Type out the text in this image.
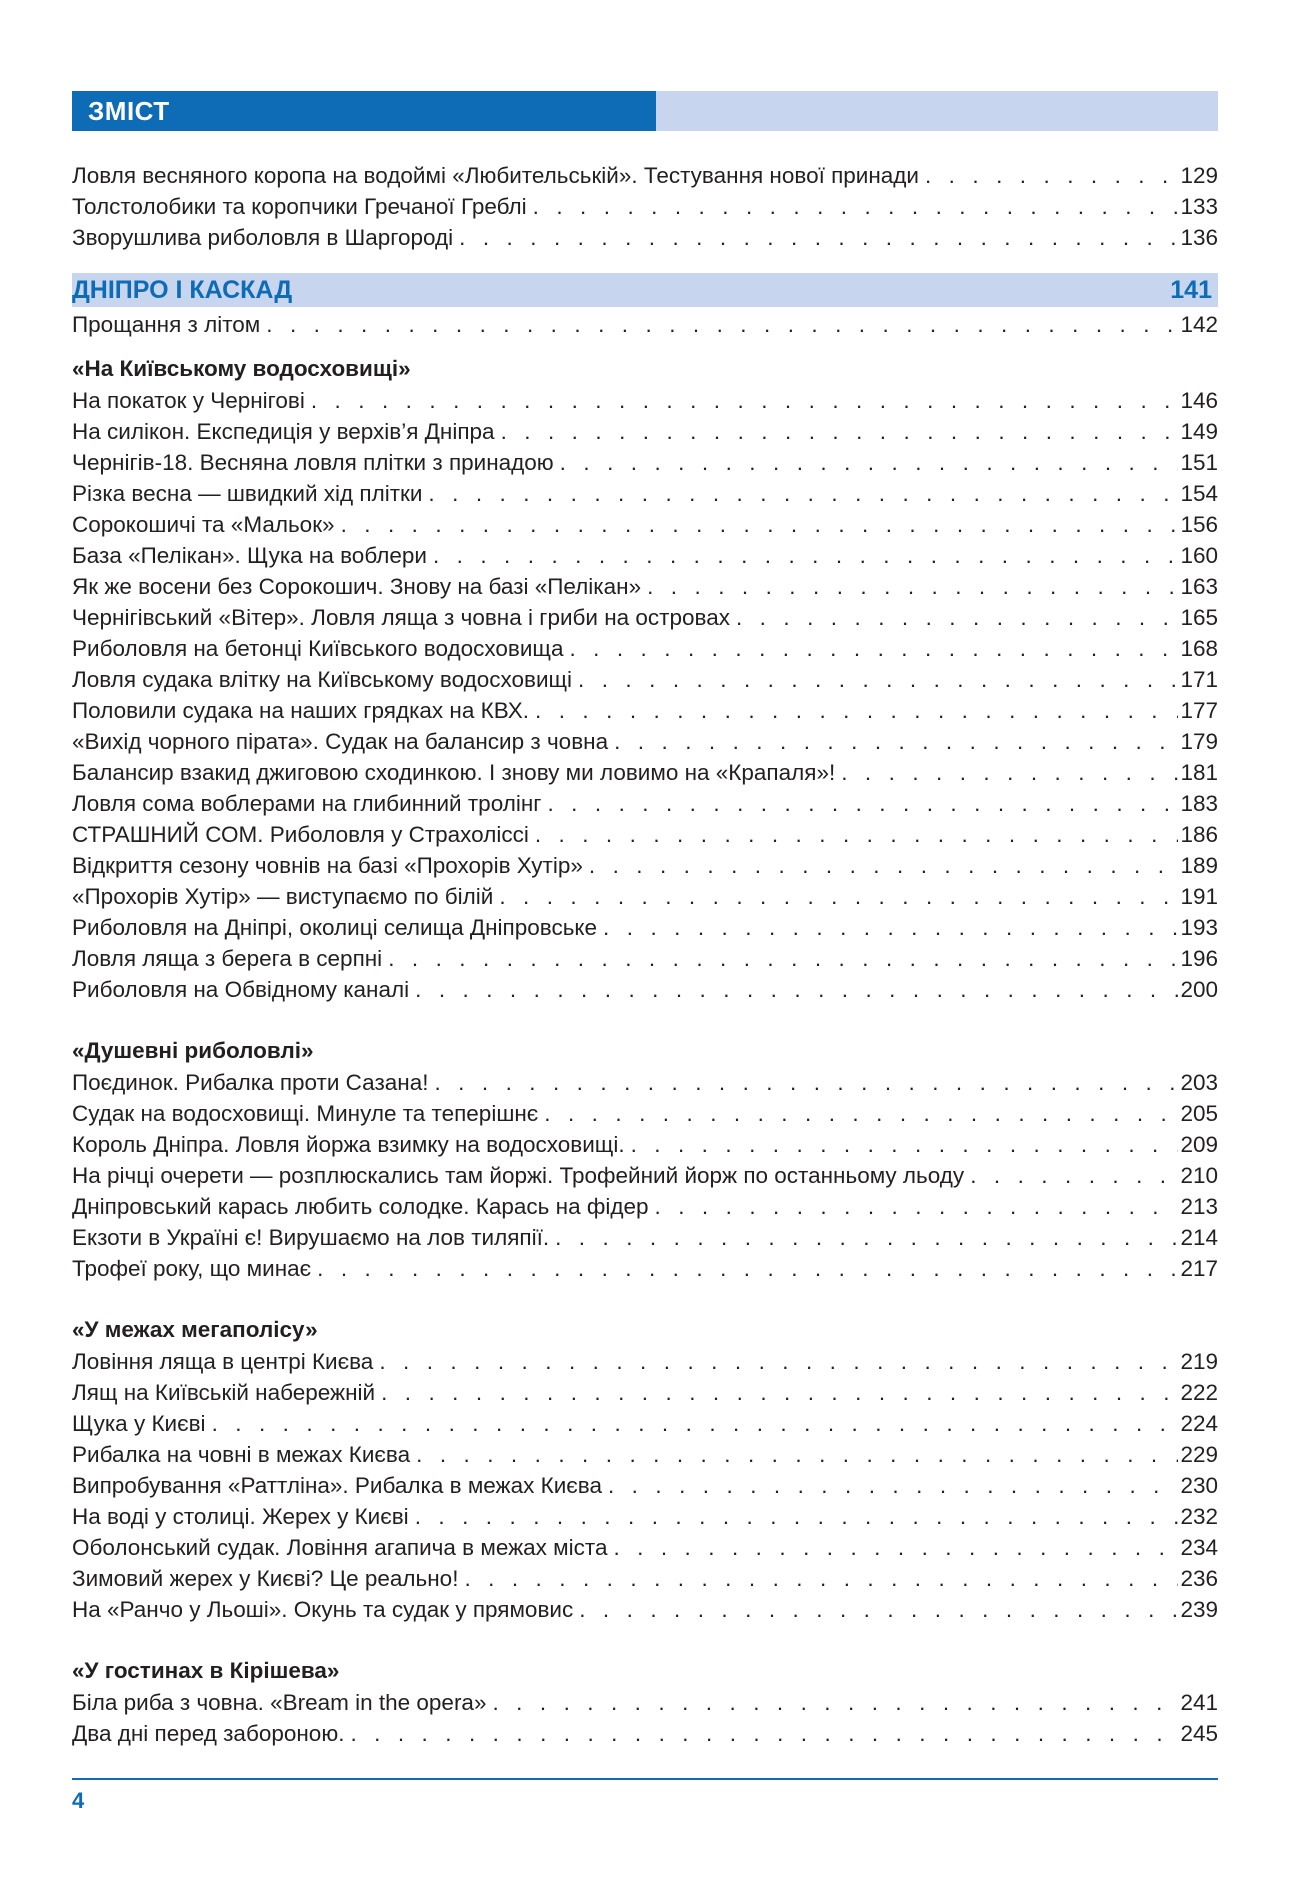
ЗМІСТ
Ловля весняного коропа на водоймі «Любительській». Тестування нової принади . . .	129
Толстолобики та коропчики Гречаної Греблі . . .	133
Зворушлива риболовля в Шаргороді . . .	136
ДНІПРО І КАСКАД	141
Прощання з літом . . .	142
«На Київському водосховищі»
На покаток у Чернігові . . .	146
На силікон. Експедиція у верхів’я Дніпра . . .	149
Чернігів-18. Весняна ловля плітки з принадою . . .	151
Різка весна — швидкий хід плітки . . .	154
Сорокошичі та «Мальок» . . .	156
База «Пелікан». Щука на воблери . . .	160
Як же восени без Сорокошич. Знову на базі «Пелікан» . . .	163
Чернігівський «Вітер». Ловля ляща з човна і гриби на островах . . .	165
Риболовля на бетонці Київського водосховища . . .	168
Ловля судака влітку на Київському водосховищі . . .	171
Половили судака на наших грядках на КВХ. . . .	177
«Вихід чорного пірата». Судак на балансир з човна . . .	179
Балансир взакид джиговою сходинкою. І знову ми ловимо на «Крапаля»! . . .	181
Ловля сома воблерами на глибинний тролінг . . .	183
СТРАШНИЙ СОМ. Риболовля у Страхолісcі . . .	186
Відкриття сезону човнів на базі «Прохорів Хутір» . . .	189
«Прохорів Хутір» — виступаємо по білій . . .	191
Риболовля на Дніпрі, околиці селища Дніпровське . . .	193
Ловля ляща з берега в серпні . . .	196
Риболовля на Обвідному каналі . . .	200
«Душевні риболовлі»
Поєдинок. Рибалка проти Сазана! . . .	203
Судак на водосховищі. Минуле та теперішнє . . .	205
Король Дніпра. Ловля йоржа взимку на водосховищі. . . .	209
На річці очерети — розплюскались там йоржі. Трофейний йорж по останньому льоду . . .	210
Дніпровський карась любить солодке. Карась на фідер . . .	213
Екзоти в Україні є! Вирушаємо на лов тиляпії. . . .	214
Трофеї року, що минає . . .	217
«У межах мегаполісу»
Ловіння ляща в центрі Києва . . .	219
Лящ на Київській набережній . . .	222
Щука у Києві . . .	224
Рибалка на човні в межах Києва . . .	229
Випробування «Раттліна». Рибалка в межах Києва . . .	230
На воді у столиці. Жерех у Києві . . .	232
Оболонський судак. Ловіння агапича в межах міста . . .	234
Зимовий жерех у Києві? Це реально! . . .	236
На «Ранчо у Льоші». Окунь та судак у прямовис . . .	239
«У гостинах в Кірішева»
Біла риба з човна. «Bream in the opera» . . .	241
Два дні перед забороною. . . .	245
4
